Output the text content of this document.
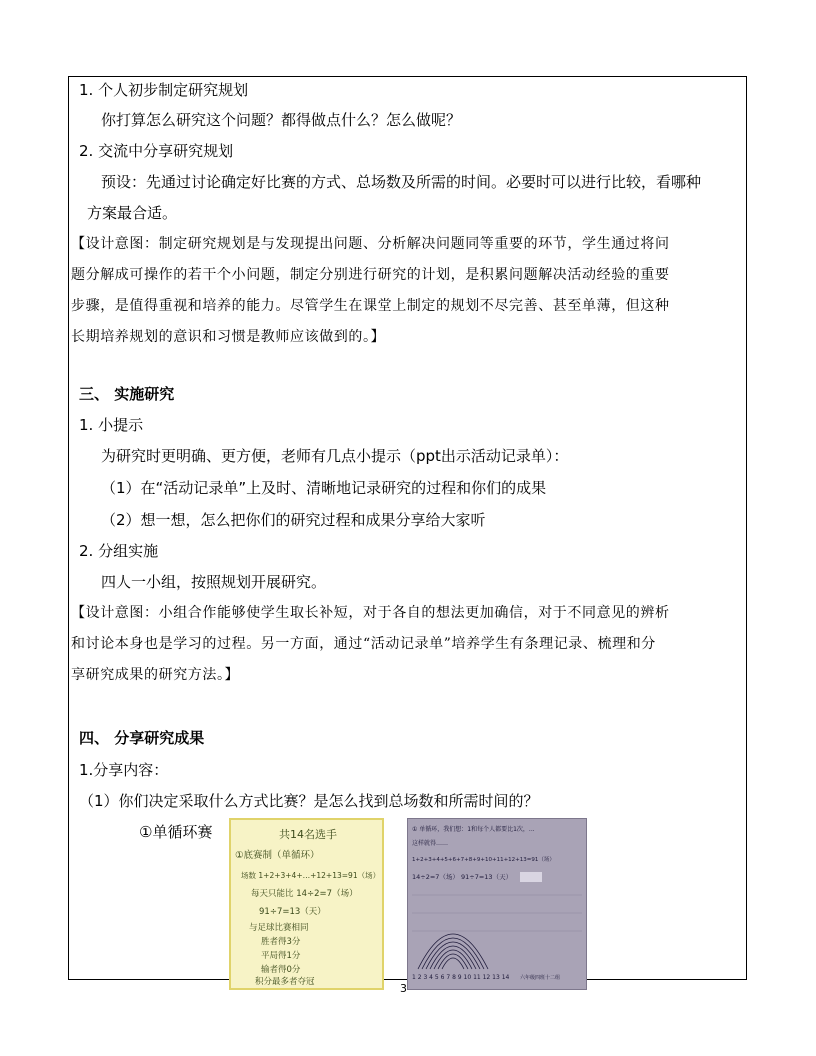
1. 个人初步制定研究规划
你打算怎么研究这个问题？都得做点什么？怎么做呢？
2. 交流中分享研究规划
预设：先通过讨论确定好比赛的方式、总场数及所需的时间。必要时可以进行比较，看哪种
方案最合适。
【设计意图：制定研究规划是与发现提出问题、分析解决问题同等重要的环节，学生通过将问
题分解成可操作的若干个小问题，制定分别进行研究的计划，是积累问题解决活动经验的重要
步骤，是值得重视和培养的能力。尽管学生在课堂上制定的规划不尽完善、甚至单薄，但这种
长期培养规划的意识和习惯是教师应该做到的。】
三、 实施研究
1. 小提示
为研究时更明确、更方便，老师有几点小提示（ppt出示活动记录单）：
（1）在“活动记录单”上及时、清晰地记录研究的过程和你们的成果
（2）想一想，怎么把你们的研究过程和成果分享给大家听
2. 分组实施
四人一小组，按照规划开展研究。
【设计意图：小组合作能够使学生取长补短，对于各自的想法更加确信，对于不同意见的辨析
和讨论本身也是学习的过程。另一方面，通过“活动记录单”培养学生有条理记录、梳理和分
享研究成果的研究方法。】
四、 分享研究成果
1.分享内容：
（1）你们决定采取什么方式比赛？是怎么找到总场数和所需时间的？
①单循环赛	共14名选手
①底赛制（单循环）
场数 1+2+3+4+…+12+13=91（场）
每天只能比 14÷2=7（场）
91÷7=13（天）
与足球比赛相同
胜者得3分
平局得1分
输者得0分
积分最多者夺冠
① 单循环，我们想：1和每个人都要比1次，...
这样就得……
1+2+3+4+5+6+7+8+9+10+11+12+13=91（场）
14÷2=7（场） 91÷7=13（天）
1 2 3 4 5 6 7 8 9 10 11 12 13 14 六年级四班十二组
3
